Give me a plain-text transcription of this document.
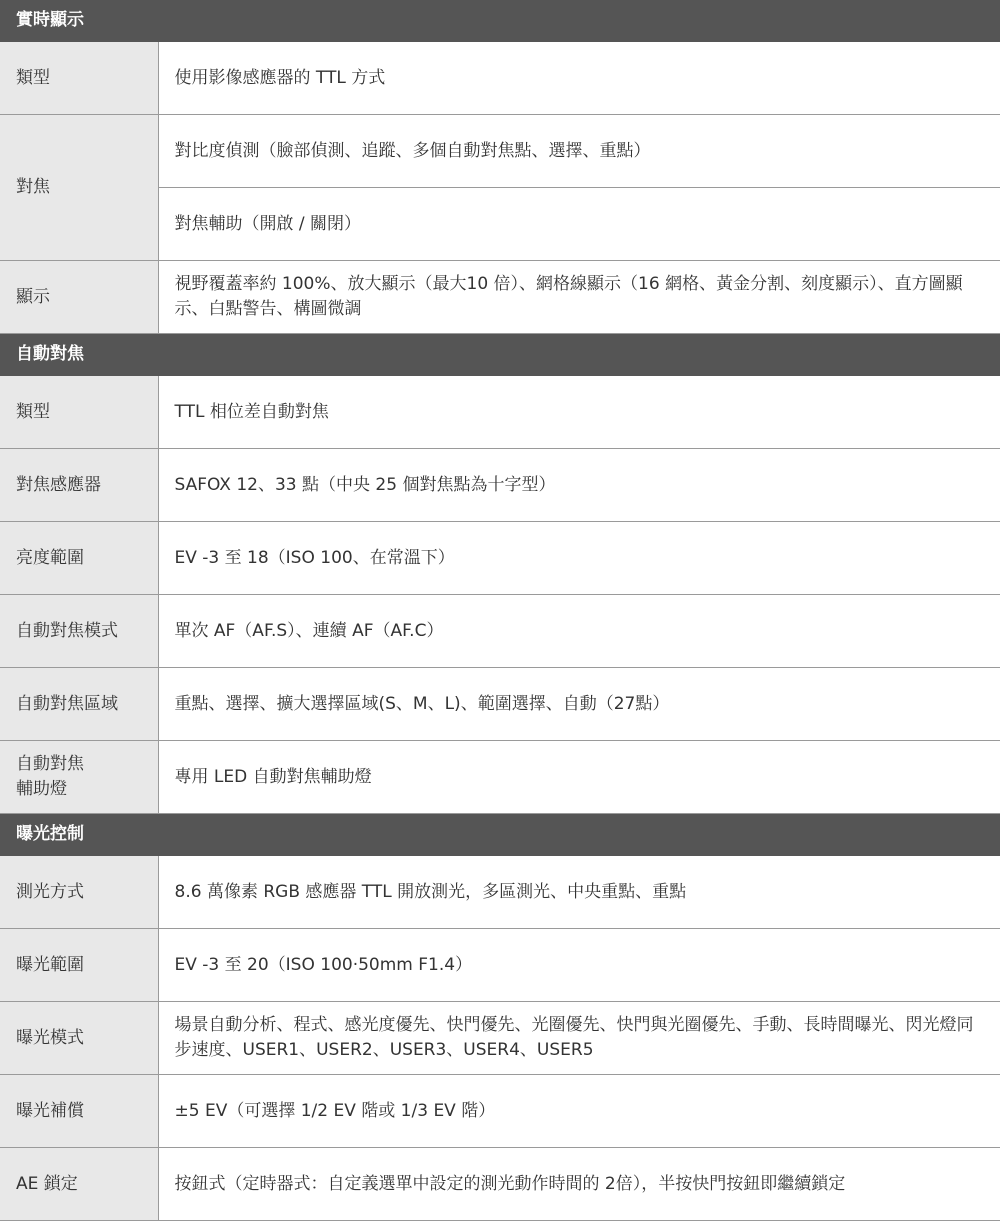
實時顯示	
類型	使用影像感應器的 TTL 方式
對焦	對比度偵測（臉部偵測、追蹤、多個自動對焦點、選擇、重點）
	對焦輔助（開啟 / 關閉）
顯示	視野覆蓋率約 100%、放大顯示（最大10 倍）、網格線顯示（16 網格、黃金分割、刻度顯示）、直方圖顯示、白點警告、構圖微調
自動對焦	
類型	TTL 相位差自動對焦
對焦感應器	SAFOX 12、33 點（中央 25 個對焦點為十字型）
亮度範圍	EV -3 至 18（ISO 100、在常溫下）
自動對焦模式	單次 AF（AF.S）、連續 AF（AF.C）
自動對焦區域	重點、選擇、擴大選擇區域(S、M、L)、範圍選擇、自動（27點）
自動對焦
輔助燈	專用 LED 自動對焦輔助燈
曝光控制	
測光方式	8.6 萬像素 RGB 感應器 TTL 開放測光，多區測光、中央重點、重點
曝光範圍	EV -3 至 20（ISO 100·50mm F1.4）
曝光模式	場景自動分析、程式、感光度優先、快門優先、光圈優先、快門與光圈優先、手動、長時間曝光、閃光燈同步速度、USER1、USER2、USER3、USER4、USER5
曝光補償	±5 EV（可選擇 1/2 EV 階或 1/3 EV 階）
AE 鎖定	按鈕式（定時器式：自定義選單中設定的測光動作時間的 2倍），半按快門按鈕即繼續鎖定
